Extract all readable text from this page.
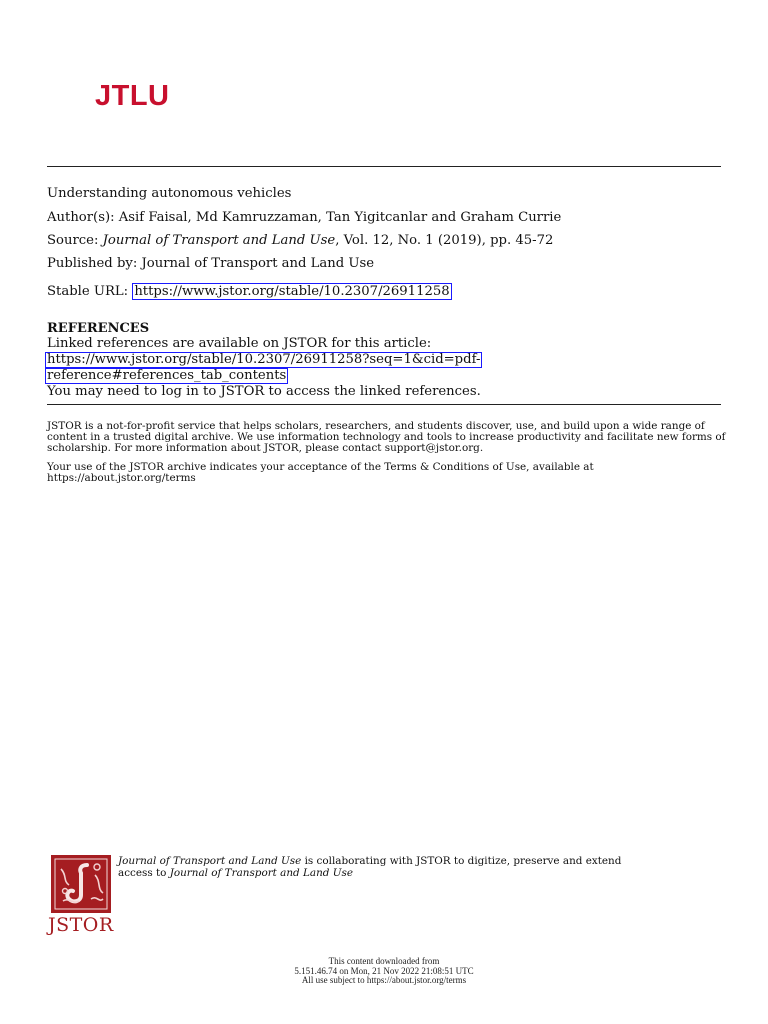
JTLU
Understanding autonomous vehicles
Author(s): Asif Faisal, Md Kamruzzaman, Tan Yigitcanlar and Graham Currie
Source: Journal of Transport and Land Use, Vol. 12, No. 1 (2019), pp. 45-72
Published by: Journal of Transport and Land Use
Stable URL: https://www.jstor.org/stable/10.2307/26911258
REFERENCES
Linked references are available on JSTOR for this article:
https://www.jstor.org/stable/10.2307/26911258?seq=1&cid=pdf-
reference#references_tab_contents
You may need to log in to JSTOR to access the linked references.
JSTOR is a not-for-profit service that helps scholars, researchers, and students discover, use, and build upon a wide range of content in a trusted digital archive. We use information technology and tools to increase productivity and facilitate new forms of scholarship. For more information about JSTOR, please contact support@jstor.org.
Your use of the JSTOR archive indicates your acceptance of the Terms & Conditions of Use, available at
https://about.jstor.org/terms
JSTOR
Journal of Transport and Land Use is collaborating with JSTOR to digitize, preserve and extend
access to Journal of Transport and Land Use
This content downloaded from
5.151.46.74 on Mon, 21 Nov 2022 21:08:51 UTC
All use subject to https://about.jstor.org/terms
